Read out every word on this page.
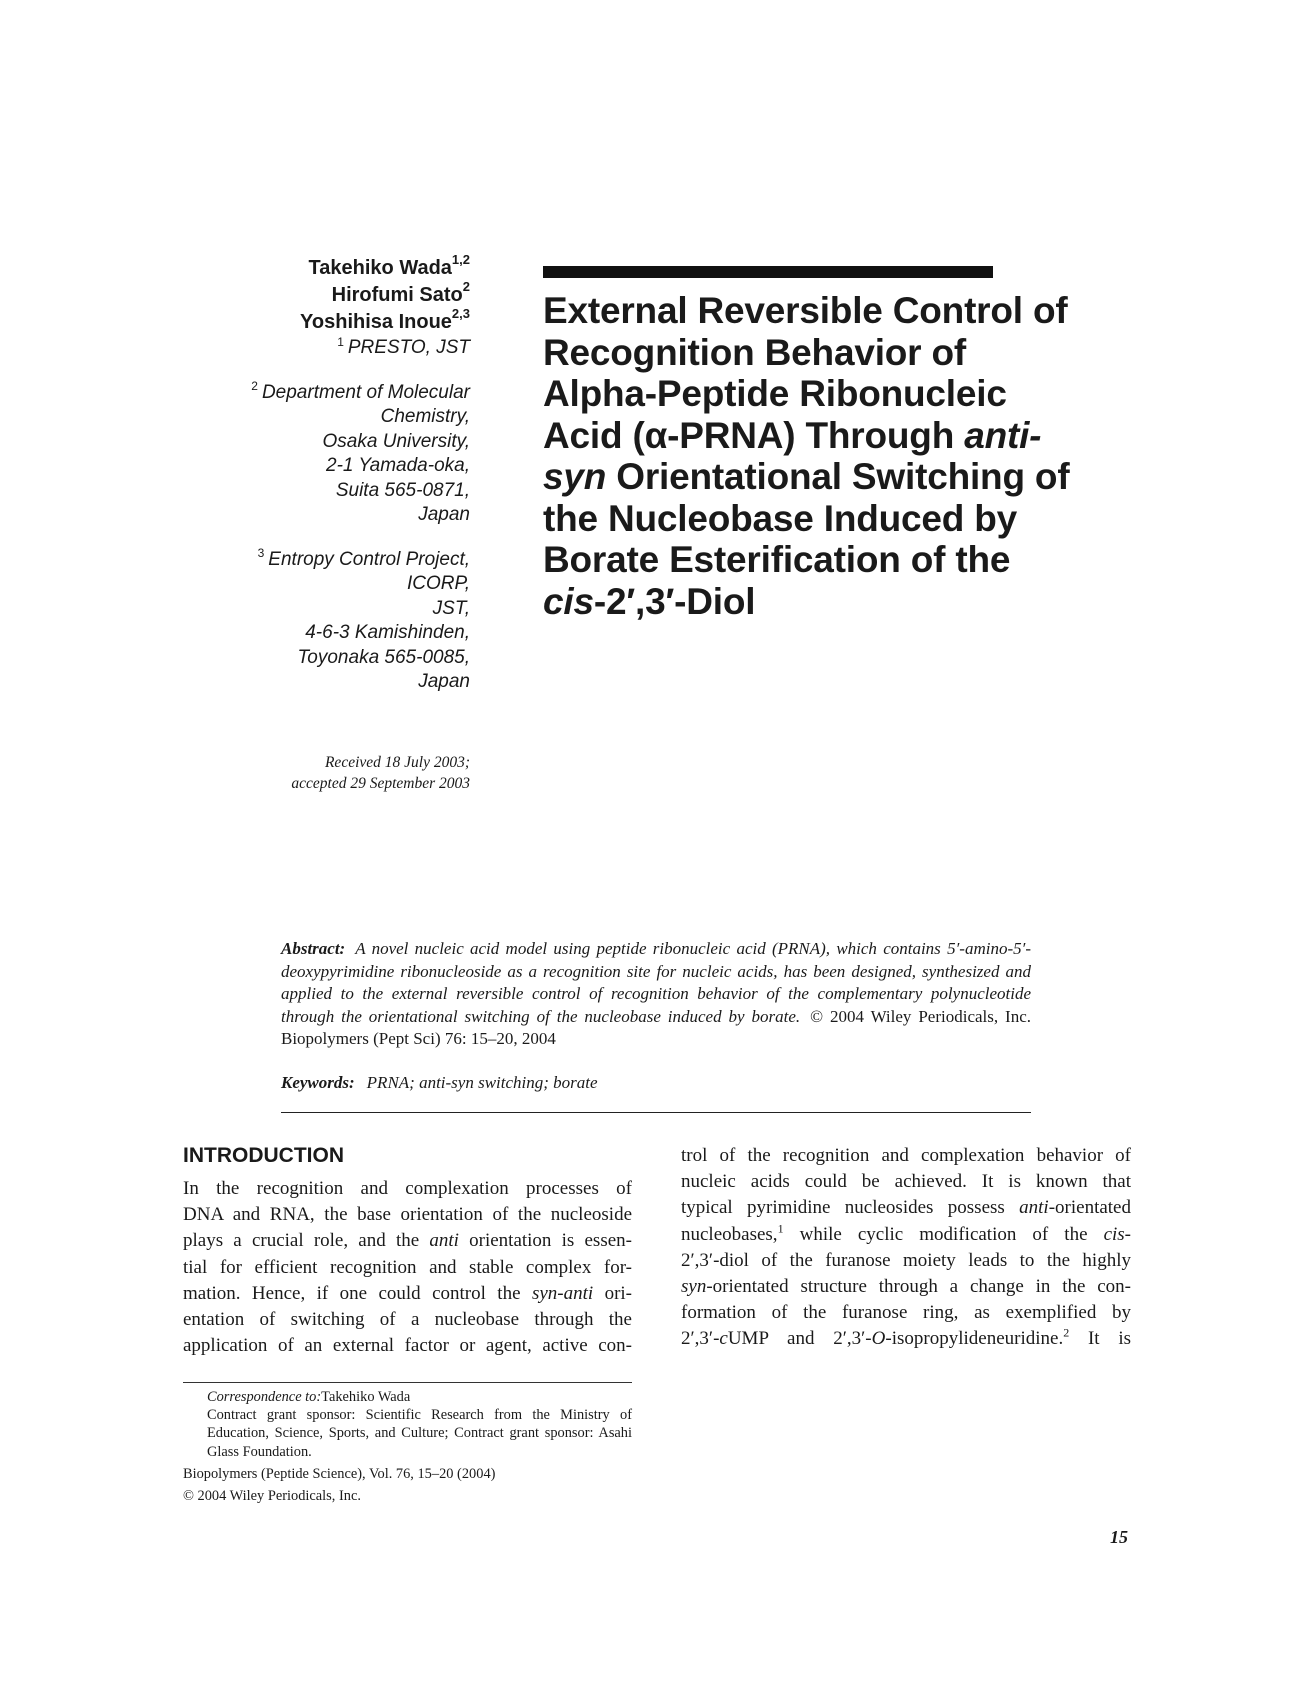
Takehiko Wada$^{1,2}$
Hirofumi Sato$^2$
Yoshihisa Inoue$^{2,3}$
$^1$ PRESTO, JST
$^2$ Department of Molecular
Chemistry,
Osaka University,
2-1 Yamada-oka,
Suita 565-0871,
Japan
$^3$ Entropy Control Project,
ICORP,
JST,
4-6-3 Kamishinden,
Toyonaka 565-0085,
Japan
Received 18 July 2003;
accepted 29 September 2003
External Reversible Control of
Recognition Behavior of
Alpha-Peptide Ribonucleic
Acid (α-PRNA) Through anti-
syn Orientational Switching of
the Nucleobase Induced by
Borate Esterification of the
cis-2′,3′-Diol
Abstract: A novel nucleic acid model using peptide ribonucleic acid (PRNA), which contains 5′-amino-5′-deoxypyrimidine ribonucleoside as a recognition site for nucleic acids, has been designed, synthesized and applied to the external reversible control of recognition behavior of the complementary polynucleotide through the orientational switching of the nucleobase induced by borate. © 2004 Wiley Periodicals, Inc. Biopolymers (Pept Sci) 76: 15–20, 2004
Keywords: PRNA; anti-syn switching; borate
INTRODUCTION
In the recognition and complexation processes of
DNA and RNA, the base orientation of the nucleoside
plays a crucial role, and the anti orientation is essen-
tial for efficient recognition and stable complex for-
mation. Hence, if one could control the syn-anti ori-
entation of switching of a nucleobase through the
application of an external factor or agent, active con-
trol of the recognition and complexation behavior of
nucleic acids could be achieved. It is known that
typical pyrimidine nucleosides possess anti-orientated
nucleobases,$^1$ while cyclic modification of the cis-
2′,3′-diol of the furanose moiety leads to the highly
syn-orientated structure through a change in the con-
formation of the furanose ring, as exemplified by
2′,3′-cUMP and 2′,3′-O-isopropylideneuridine.$^2$ It is
Correspondence to:Takehiko Wada
Contract grant sponsor: Scientific Research from the Ministry of Education, Science, Sports, and Culture; Contract grant sponsor: Asahi Glass Foundation.
Biopolymers (Peptide Science), Vol. 76, 15–20 (2004)
© 2004 Wiley Periodicals, Inc.
15
